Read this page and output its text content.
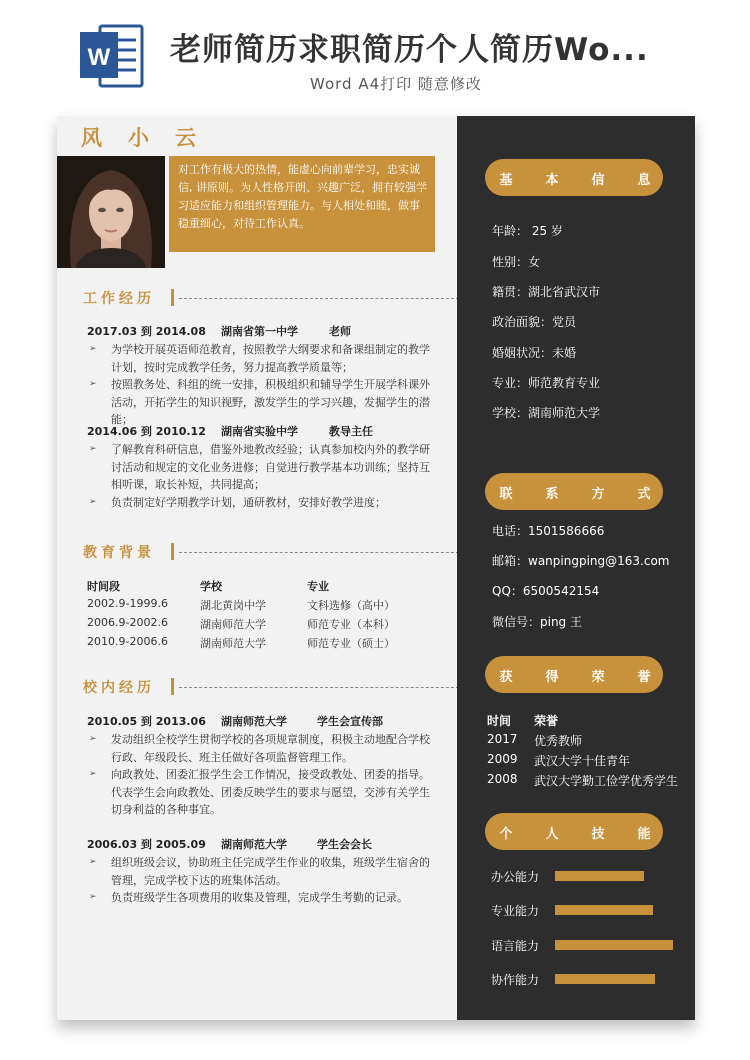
W 老师简历求职简历个人简历Wo...
Word A4打印 随意修改
风小云
对工作有极大的热情，能虚心向前辈学习，忠实诚信, 讲原则。为人性格开朗、兴趣广泛，拥有较强学习适应能力和组织管理能力。与人相处和睦，做事稳重细心，对待工作认真。
工作经历
2017.03 到 2014.08 湖南省第一中学	老师
➢ 为学校开展英语师范教育，按照教学大纲要求和备课组制定的教学计划，按时完成教学任务，努力提高教学质量等；
➢ 按照教务处、科组的统一安排，积极组织和辅导学生开展学科课外活动，开拓学生的知识视野，激发学生的学习兴趣，发掘学生的潜能；
2014.06 到 2010.12 湖南省实验中学	教导主任
➢ 了解教育科研信息，借鉴外地教改经验；认真参加校内外的教学研讨活动和规定的文化业务进修；自觉进行教学基本功训练；坚持互相听课，取长补短，共同提高；
➢ 负责制定好学期教学计划，通研教材，安排好教学进度；
教育背景
时间段	学校	专业
2002.9-1999.6	湖北黄岗中学	文科选修（高中）
2006.9-2002.6	湖南师范大学	师范专业（本科）
2010.9-2006.6	湖南师范大学	师范专业（硕士）
校内经历
2010.05 到 2013.06 湖南师范大学	学生会宣传部
➢ 发动组织全校学生贯彻学校的各项规章制度，积极主动地配合学校行政、年级段长、班主任做好各项监督管理工作。
➢ 向政教处、团委汇报学生会工作情况，接受政教处、团委的指导。代表学生会向政教处、团委反映学生的要求与愿望，交涉有关学生切身利益的各种事宜。
2006.03 到 2005.09 湖南师范大学	学生会会长
➢ 组织班级会议，协助班主任完成学生作业的收集，班级学生宿舍的管理，完成学校下达的班集体活动。
➢ 负责班级学生各项费用的收集及管理，完成学生考勤的记录。
基	本	信	息
年龄： 25 岁
性别：女
籍贯：湖北省武汉市
政治面貌：党员
婚姻状况：未婚
专业：师范教育专业
学校：湖南师范大学
联	系	方	式
电话：1501586666
邮箱：wanpingping@163.com
QQ：6500542154
微信号：ping 王
获	得	荣	誉
时间 荣誉
2017 优秀教师
2009 武汉大学十佳青年
2008 武汉大学勤工俭学优秀学生
个	人	技	能
办公能力
专业能力
语言能力
协作能力
